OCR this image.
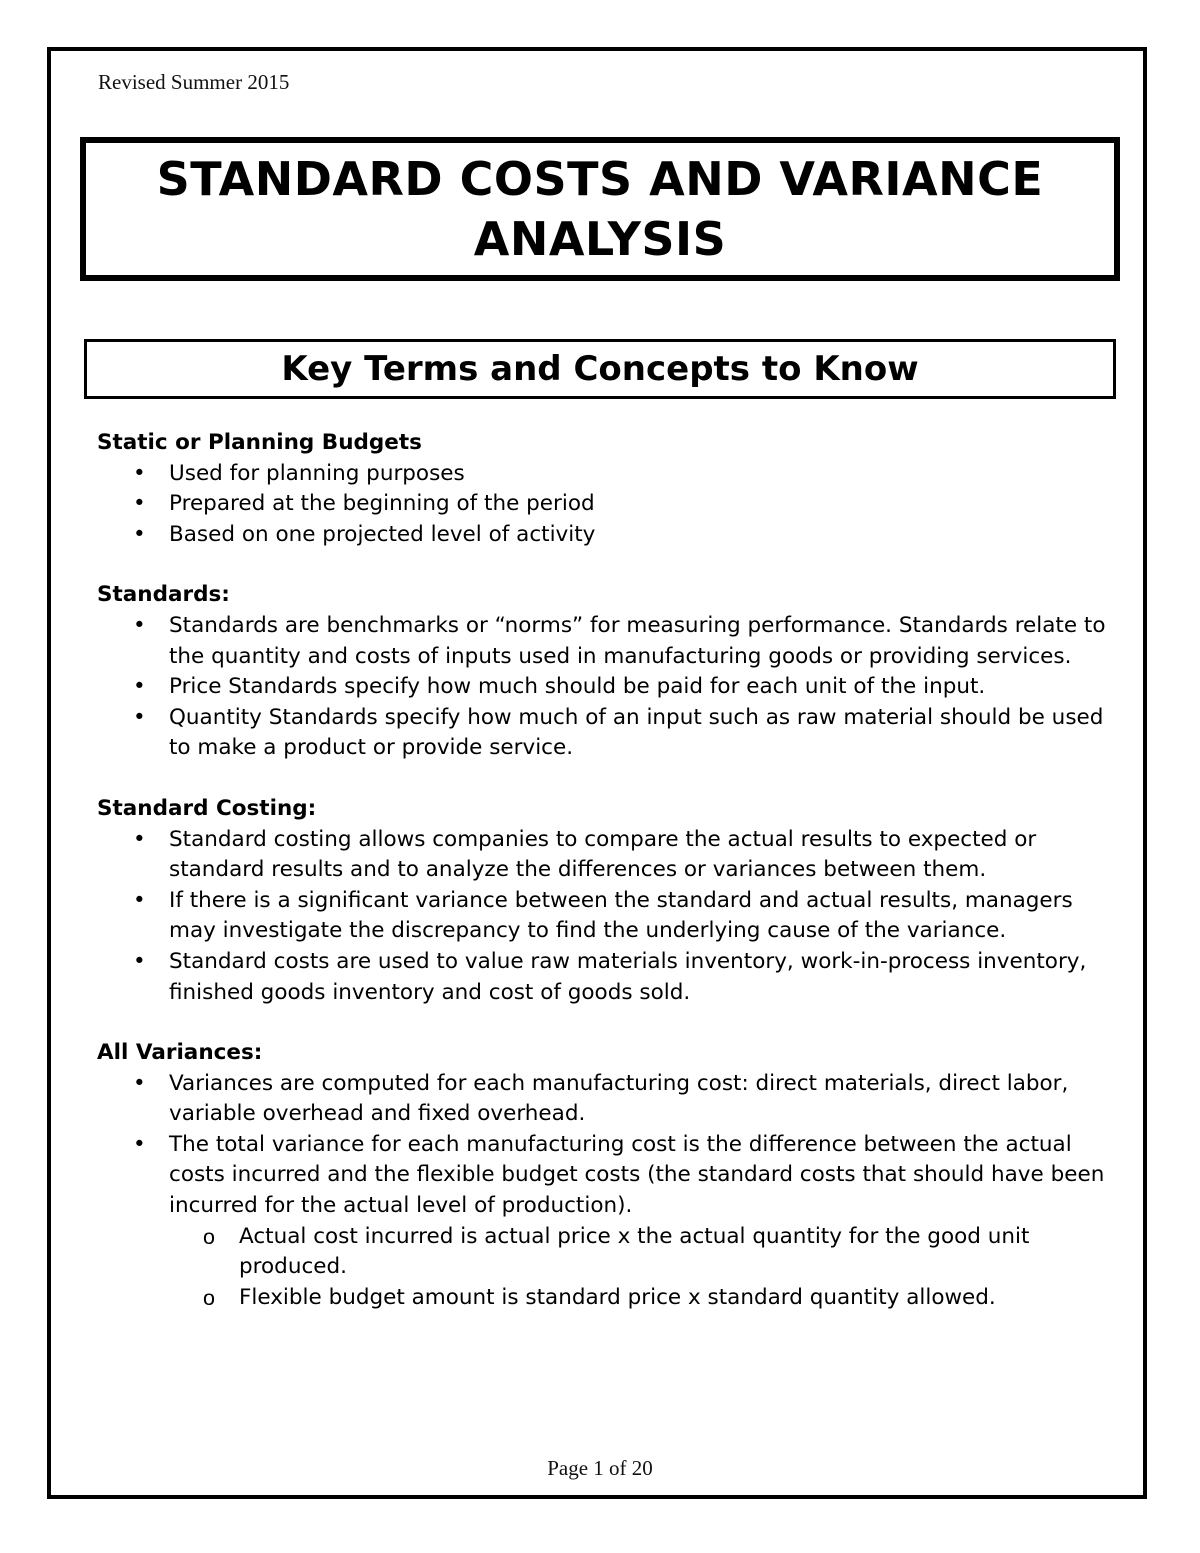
Revised Summer 2015
STANDARD COSTS AND VARIANCE
ANALYSIS
Key Terms and Concepts to Know

Static or Planning Budgets

• Used for planning purposes
• Prepared at the beginning of the period
• Based on one projected level of activity

Standards:

• Standards are benchmarks or “norms” for measuring performance. Standards relate to the quantity and costs of inputs used in manufacturing goods or providing services.
• Price Standards specify how much should be paid for each unit of the input.
• Quantity Standards specify how much of an input such as raw material should be used to make a product or provide service.

Standard Costing:

• Standard costing allows companies to compare the actual results to expected or standard results and to analyze the differences or variances between them.
• If there is a significant variance between the standard and actual results, managers may investigate the discrepancy to find the underlying cause of the variance.
• Standard costs are used to value raw materials inventory, work-in-process inventory, finished goods inventory and cost of goods sold.

All Variances:

• Variances are computed for each manufacturing cost: direct materials, direct labor, variable overhead and fixed overhead.
• The total variance for each manufacturing cost is the difference between the actual costs incurred and the flexible budget costs (the standard costs that should have been incurred for the actual level of production).
o Actual cost incurred is actual price x the actual quantity for the good unit produced.
o Flexible budget amount is standard price x standard quantity allowed.
Page 1 of 20
